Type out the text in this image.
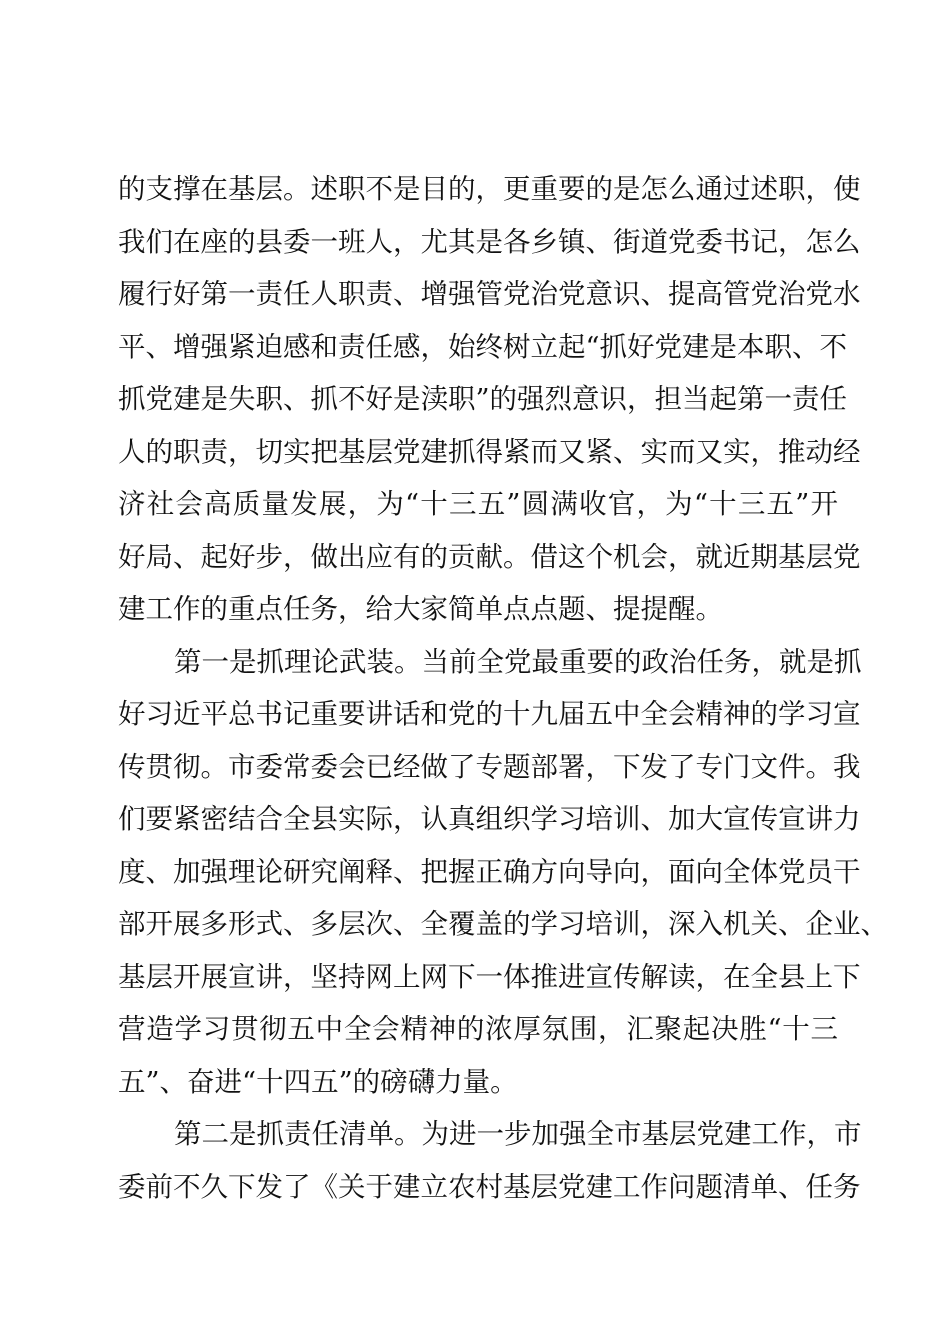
的支撑在基层。述职不是目的，更重要的是怎么通过述职，使
我们在座的县委一班人，尤其是各乡镇、街道党委书记，怎么
履行好第一责任人职责、增强管党治党意识、提高管党治党水
平、增强紧迫感和责任感，始终树立起“抓好党建是本职、不
抓党建是失职、抓不好是渎职”的强烈意识，担当起第一责任
人的职责，切实把基层党建抓得紧而又紧、实而又实，推动经
济社会高质量发展，为“十三五”圆满收官，为“十三五”开
好局、起好步，做出应有的贡献。借这个机会，就近期基层党
建工作的重点任务，给大家简单点点题、提提醒。
第一是抓理论武装。当前全党最重要的政治任务，就是抓
好习近平总书记重要讲话和党的十九届五中全会精神的学习宣
传贯彻。市委常委会已经做了专题部署，下发了专门文件。我
们要紧密结合全县实际，认真组织学习培训、加大宣传宣讲力
度、加强理论研究阐释、把握正确方向导向，面向全体党员干
部开展多形式、多层次、全覆盖的学习培训，深入机关、企业、
基层开展宣讲，坚持网上网下一体推进宣传解读，在全县上下
营造学习贯彻五中全会精神的浓厚氛围，汇聚起决胜“十三
五”、奋进“十四五”的磅礴力量。
第二是抓责任清单。为进一步加强全市基层党建工作，市
委前不久下发了《关于建立农村基层党建工作问题清单、任务
